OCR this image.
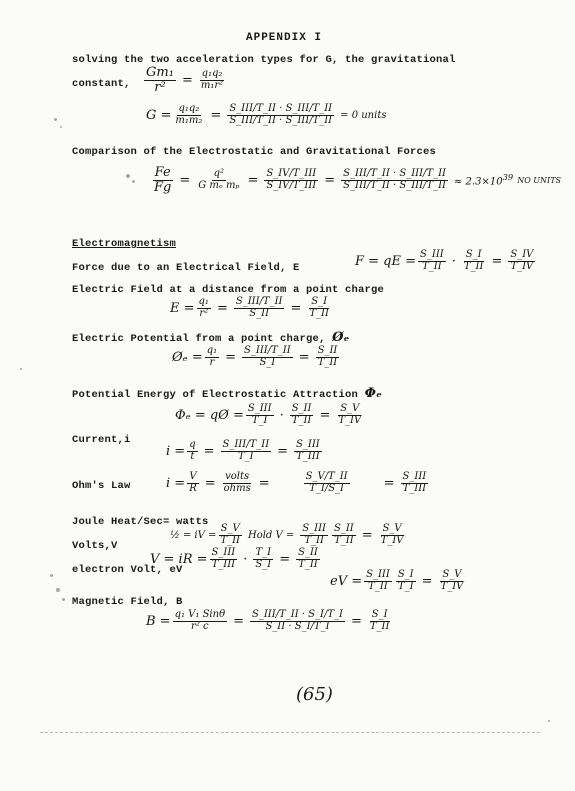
APPENDIX I
solving the two acceleration types for G, the gravitational
constant, $\frac{\text{Gm₁}}{\text{r²}} = \frac{\text{q₁q₂}}{\text{m₁r²}}$
$G = \frac{\text{q₁q₂}}{\text{m₁m₂}} = \frac{\text{S\_III/T\_II · S\_III/T\_II}}{\text{S\_III/T\_II · S\_III/T\_II}} = 0$ units
Comparison of the Electrostatic and Gravitational Forces
$\frac{Fe}{Fg} = \frac{\text{q²}}{\text{G mₑ mₚ}} = \frac{\text{S\_IV/T\_III}}{\text{S\_IV/T\_III}} = \frac{\text{S\_III/T\_II · S\_III/T\_II}}{\text{S\_III/T\_II · S\_III/T\_II}} \approx 2.3\times 10^{39}$ NO UNITS
Electromagnetism
Force due to an Electrical Field, E	F = qE = $\frac{\text{S\_III}}{T\_II} \cdot \frac{S\_I}{T\_II} = \frac{S\_IV}{T\_IV}$
Electric Field at a distance from a point charge
$E = \frac{\text{q₁}}{\text{r²}} = \frac{\text{S\_III/T\_II}}{S\_II} = \frac{S\_I}{T\_II}$
Electric Potential from a point charge, Øₑ
Øₑ = $\frac{\text{q₁}}{r} = \frac{\text{S\_III/T\_II}}{S\_I} = \frac{S\_II}{T\_II}$
Potential Energy of Electrostatic Attraction Φₑ
Φₑ = qØ = $\frac{\text{S\_III}}{T\_I} \cdot \frac{S\_II}{T\_II} = \frac{S\_V}{T\_IV}$
Current,i
$i = \frac{q}{t} = \frac{\text{S\_III/T\_II}}{T\_I} = \frac{\text{S\_III}}{\text{T\_III}}$
Ohm's Law	$i = \frac{V}{R} = \frac{\text{volts}}{\text{ohms}}$ =	$\frac{S\_V/T\_II}{T\_I/S\_I}$	= $\frac{\text{S\_III}}{\text{T\_III}}$
Joule Heat/Sec= watts
½ = iV = $\frac{S\_V}{T\_II}$ Hold $V = \frac{\text{S\_III}}{T\_II} \frac{S\_II}{T\_II} = \frac{S\_V}{T\_IV}$
Volts,V
V = iR = $\frac{\text{S\_III}}{\text{T\_III}} \cdot \frac{T\_I}{S\_I} = \frac{S\_II}{T\_II}$
electron Volt, eV
eV = $\frac{\text{S\_III}}{T\_II} \frac{S\_I}{T\_I} = \frac{S\_V}{T\_IV}$
Magnetic Field, B
$B = \frac{\text{q₁ V₁ Sinθ}}{\text{r² c}} = \frac{\text{S\_III/T\_II · S\_I/T\_I}}{S\_II \cdot S\_I/T\_I} = \frac{S\_I}{T\_II}$
(65)
